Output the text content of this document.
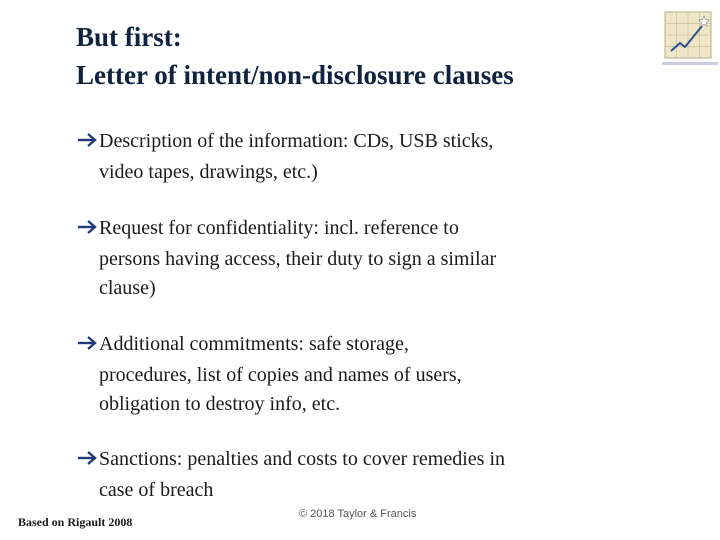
But first:
Letter of intent/non-disclosure clauses
Description of the information: CDs, USB sticks,
video tapes, drawings, etc.)
Request for confidentiality: incl. reference to
persons having access, their duty to sign a similar
clause)
Additional commitments: safe storage,
procedures, list of copies and names of users,
obligation to destroy info, etc.
Sanctions: penalties and costs to cover remedies in
case of breach
Based on Rigault 2008
© 2018 Taylor & Francis
